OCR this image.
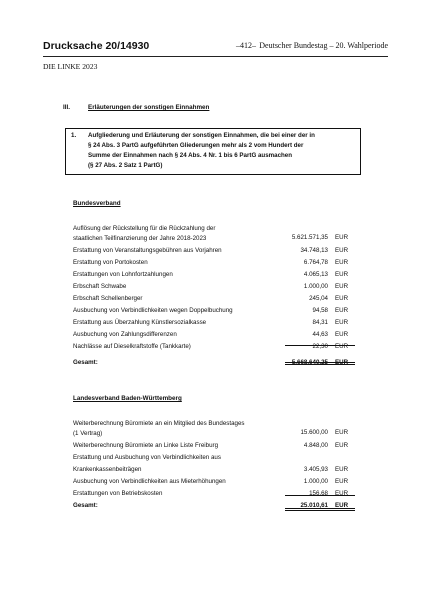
Drucksache 20/14930	–412– Deutscher Bundestag – 20. Wahlperiode
DIE LINKE 2023
III.	Erläuterungen der sonstigen Einnahmen
1. Aufgliederung und Erläuterung der sonstigen Einnahmen, die bei einer der in
§ 24 Abs. 3 PartG aufgeführten Gliederungen mehr als 2 vom Hundert der
Summe der Einnahmen nach § 24 Abs. 4 Nr. 1 bis 6 PartG ausmachen
(§ 27 Abs. 2 Satz 1 PartG)
Bundesverband
Auflösung der Rückstellung für die Rückzahlung der
staatlichen Teilfinanzierung der Jahre 2018-2023	5.621.571,35 EUR
Erstattung von Veranstaltungsgebühren aus Vorjahren	34.748,13 EUR
Erstattung von Portokosten	6.764,78 EUR
Erstattungen von Lohnfortzahlungen	4.065,13 EUR
Erbschaft Schwabe	1.000,00 EUR
Erbschaft Schellenberger	245,04 EUR
Ausbuchung von Verbindlichkeiten wegen Doppelbuchung	94,58 EUR
Erstattung aus Überzahlung Künstlersozialkasse	84,31 EUR
Ausbuchung von Zahlungsdifferenzen	44,63 EUR
Nachlässe auf Dieselkraftstoffe (Tankkarte)	22,30 EUR
Gesamt:	5.668.640,25 EUR
Landesverband Baden-Württemberg
Weiterberechnung Büromiete an ein Mitglied des Bundestages
(1 Vertrag)	15.600,00 EUR
Weiterberechnung Büromiete an Linke Liste Freiburg	4.848,00 EUR
Erstattung und Ausbuchung von Verbindlichkeiten aus
Krankenkassenbeiträgen	3.405,93 EUR
Ausbuchung von Verbindlichkeiten aus Mieterhöhungen	1.000,00 EUR
Erstattungen von Betriebskosten	156,68 EUR
Gesamt:	25.010,61 EUR
